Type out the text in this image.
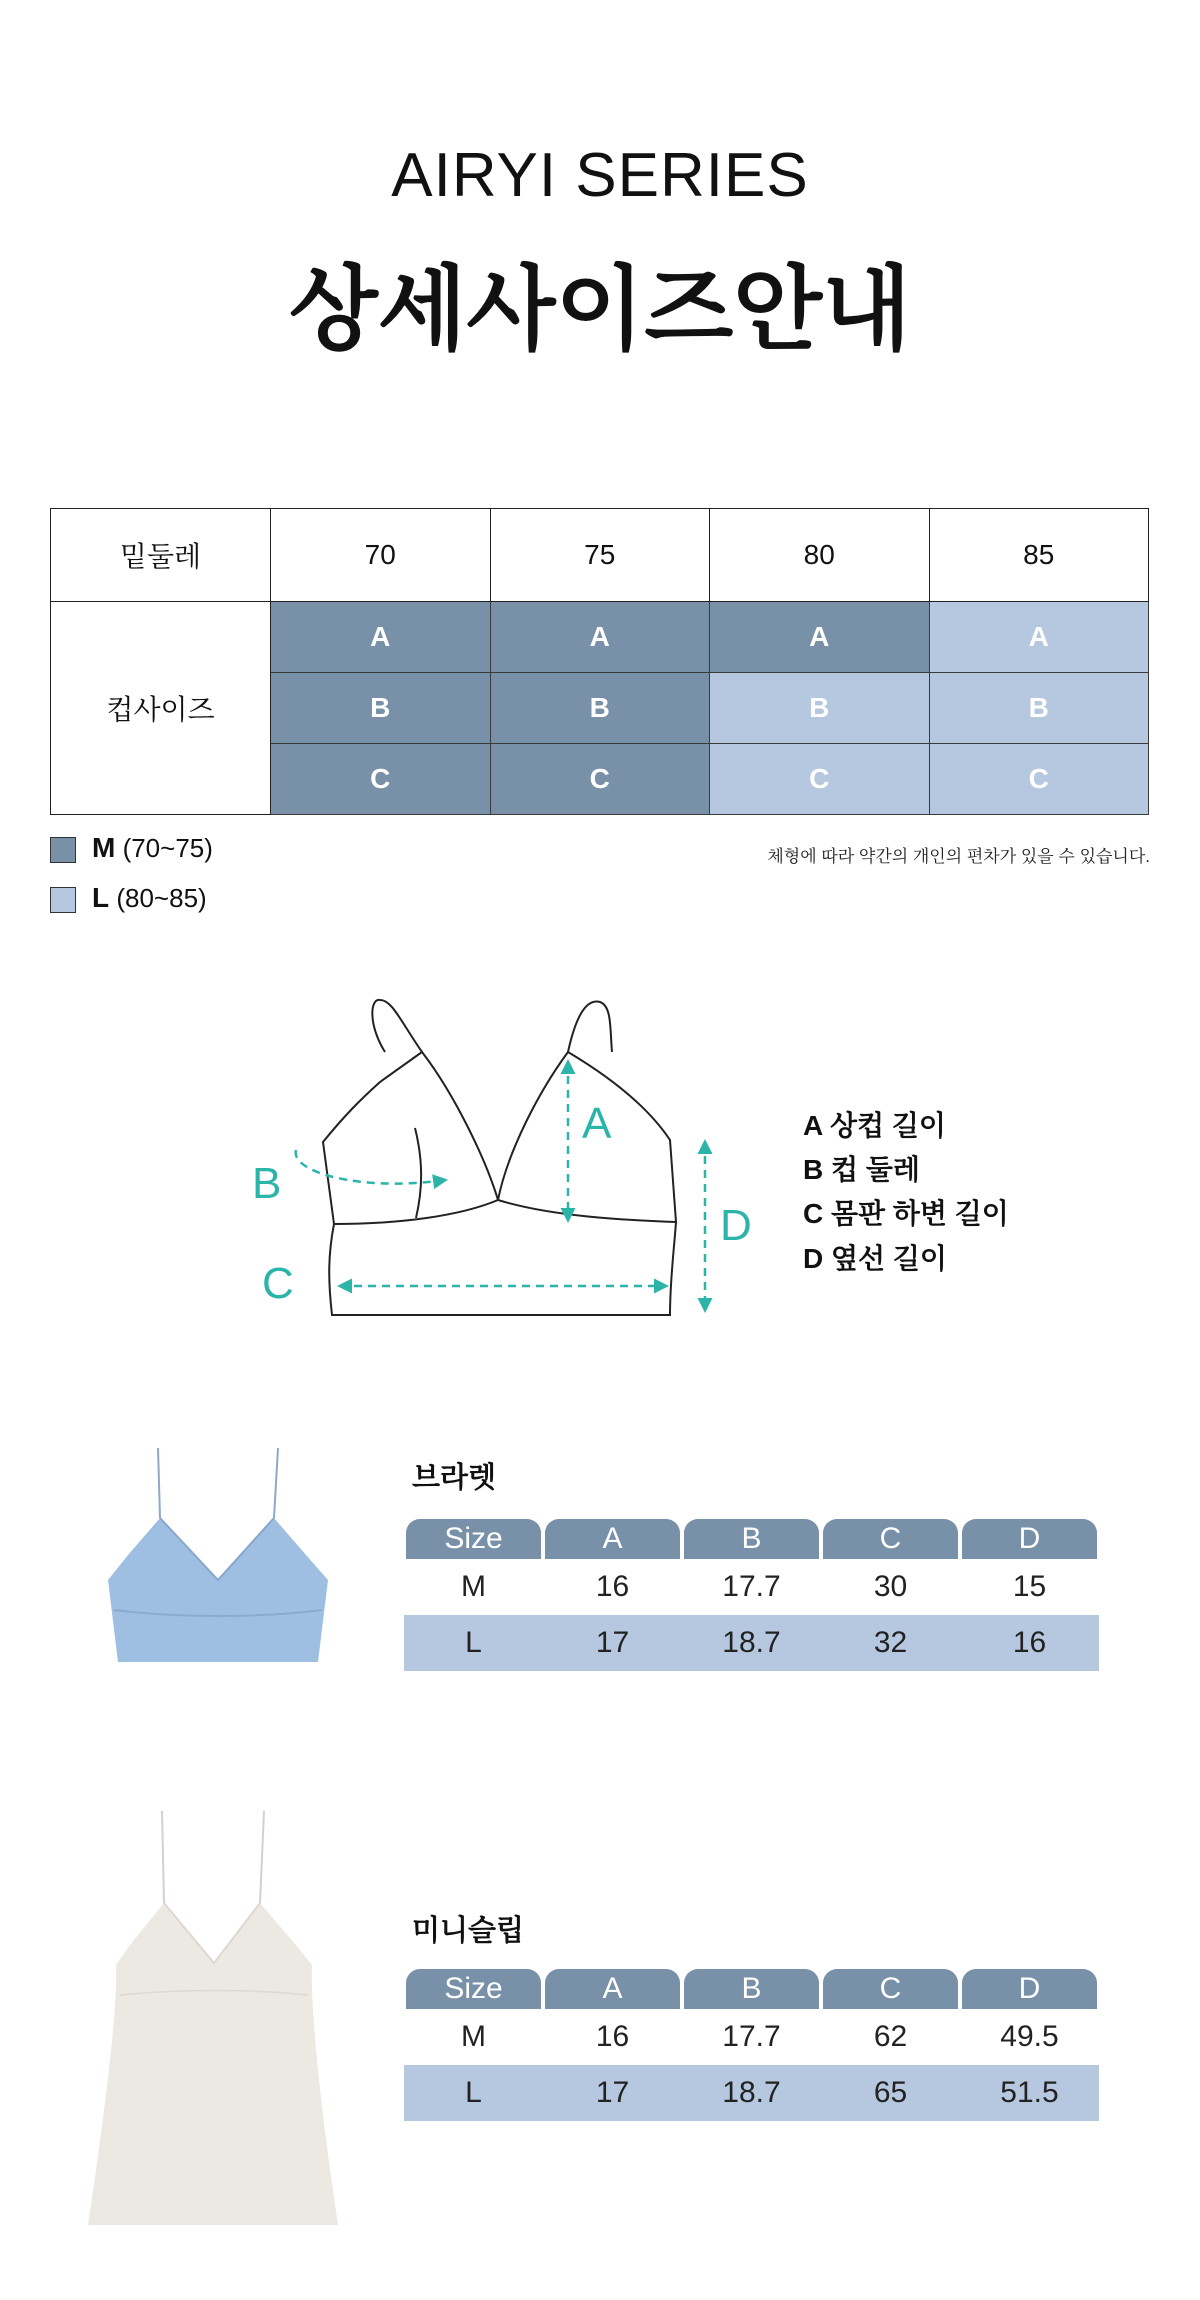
AIRYI SERIES
상세사이즈안내
밑둘레	70	75	80	85
컵사이즈	A	A	A	A
	B	B	B	B
	C	C	C	C
M (70~75)
L (80~85)
체형에 따라 약간의 개인의 편차가 있을 수 있습니다.
A
B
C
D
A 상컵 길이
B 컵 둘레
C 몸판 하변 길이
D 옆선 길이
브라렛
Size	A	B	C	D
M	16	17.7	30	15
L	17	18.7	32	16
미니슬립
Size	A	B	C	D
M	16	17.7	62	49.5
L	17	18.7	65	51.5
